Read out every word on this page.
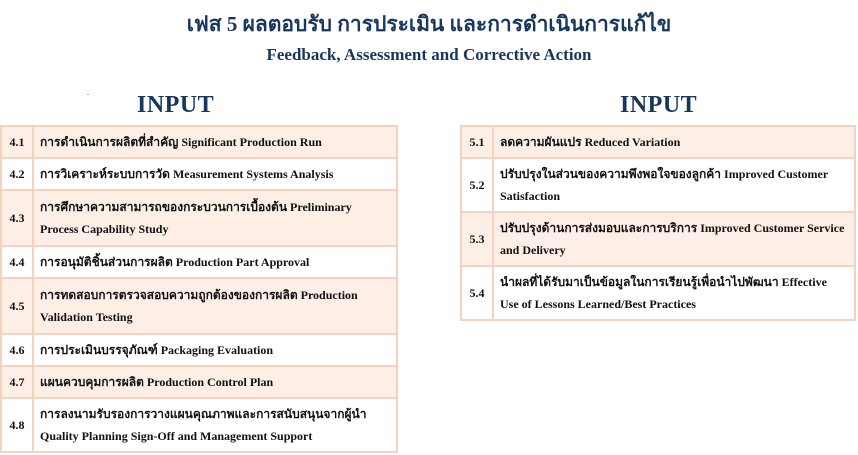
เฟส 5 ผลตอบรับ การประเมิน และการดำเนินการแก้ไข
Feedback, Assessment and Corrective Action
. INPUT	INPUT
4.1	การดำเนินการผลิตที่สำคัญ Significant Production Run
4.2	การวิเคราะห์ระบบการวัด Measurement Systems Analysis
4.3	การศึกษาความสามารถของกระบวนการเบื้องต้น Preliminary Process Capability Study
4.4	การอนุมัติชิ้นส่วนการผลิต Production Part Approval
4.5	การทดสอบการตรวจสอบความถูกต้องของการผลิต Production Validation Testing
4.6	การประเมินบรรจุภัณฑ์ Packaging Evaluation
4.7	แผนควบคุมการผลิต Production Control Plan
4.8	การลงนามรับรองการวางแผนคุณภาพและการสนับสนุนจากผู้นำ Quality Planning Sign-Off and Management Support
5.1	ลดความผันแปร Reduced Variation
5.2	ปรับปรุงในส่วนของความพึงพอใจของลูกค้า Improved Customer Satisfaction
5.3	ปรับปรุงด้านการส่งมอบและการบริการ Improved Customer Service and Delivery
5.4	นำผลที่ได้รับมาเป็นข้อมูลในการเรียนรู้เพื่อนำไปพัฒนา Effective Use of Lessons Learned/Best Practices
